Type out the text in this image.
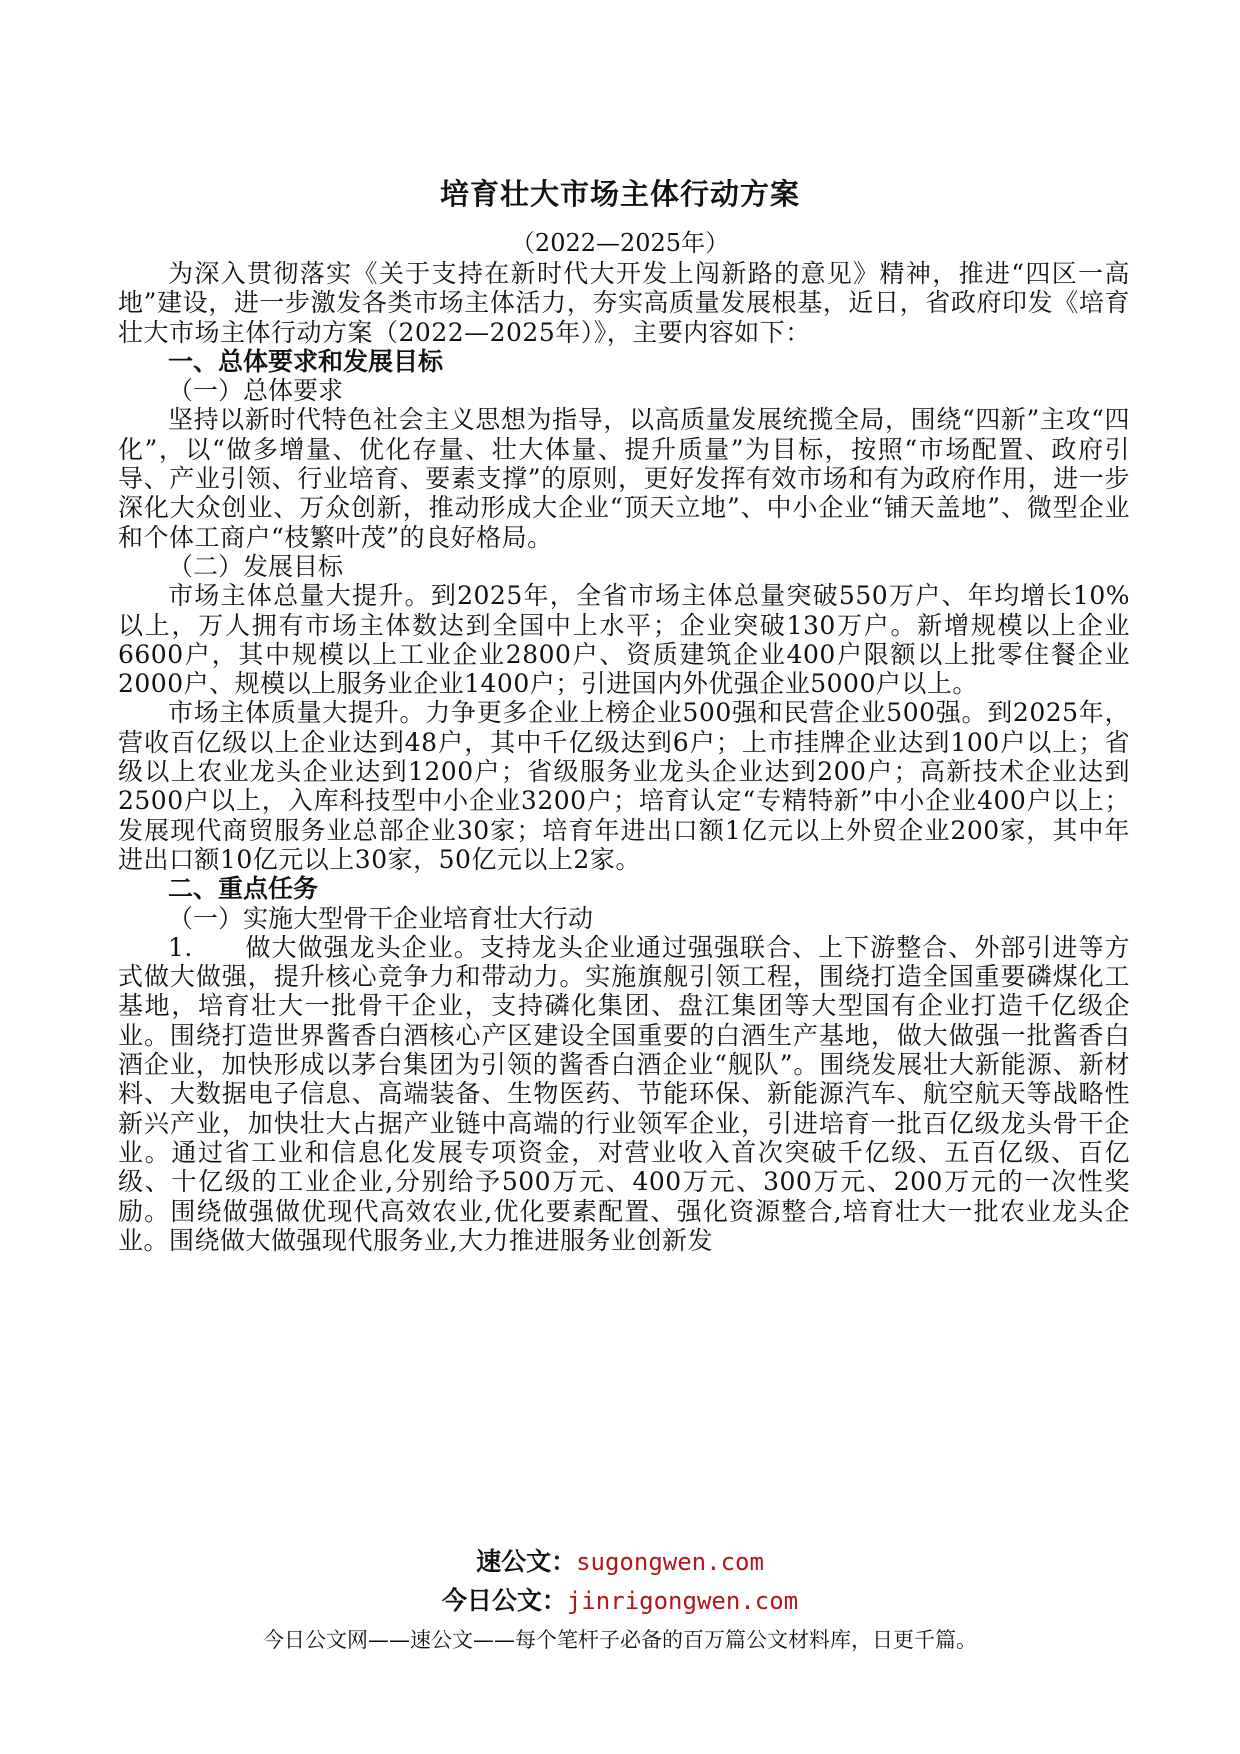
培育壮大市场主体行动方案

（2022—2025年）

为深入贯彻落实《关于支持在新时代大开发上闯新路的意见》精神，推进“四区一高地”建设，进一步激发各类市场主体活力，夯实高质量发展根基，近日，省政府印发《培育壮大市场主体行动方案（2022—2025年）》，主要内容如下：

一、总体要求和发展目标

（一）总体要求

坚持以新时代特色社会主义思想为指导，以高质量发展统揽全局，围绕“四新”主攻“四化”，以“做多增量、优化存量、壮大体量、提升质量”为目标，按照“市场配置、政府引导、产业引领、行业培育、要素支撑”的原则，更好发挥有效市场和有为政府作用，进一步深化大众创业、万众创新，推动形成大企业“顶天立地”、中小企业“铺天盖地”、微型企业和个体工商户“枝繁叶茂”的良好格局。

（二）发展目标

市场主体总量大提升。到2025年，全省市场主体总量突破550万户、年均增长10%以上，万人拥有市场主体数达到全国中上水平；企业突破130万户。新增规模以上企业6600户，其中规模以上工业企业2800户、资质建筑企业400户限额以上批零住餐企业2000户、规模以上服务业企业1400户；引进国内外优强企业5000户以上。

市场主体质量大提升。力争更多企业上榜企业500强和民营企业500强。到2025年，营收百亿级以上企业达到48户，其中千亿级达到6户；上市挂牌企业达到100户以上；省级以上农业龙头企业达到1200户；省级服务业龙头企业达到200户；高新技术企业达到2500户以上，入库科技型中小企业3200户；培育认定“专精特新”中小企业400户以上；发展现代商贸服务业总部企业30家；培育年进出口额1亿元以上外贸企业200家，其中年进出口额10亿元以上30家，50亿元以上2家。

二、重点任务

（一）实施大型骨干企业培育壮大行动

1.　　做大做强龙头企业。支持龙头企业通过强强联合、上下游整合、外部引进等方式做大做强，提升核心竞争力和带动力。实施旗舰引领工程，围绕打造全国重要磷煤化工基地，培育壮大一批骨干企业，支持磷化集团、盘江集团等大型国有企业打造千亿级企业。围绕打造世界酱香白酒核心产区建设全国重要的白酒生产基地，做大做强一批酱香白酒企业，加快形成以茅台集团为引领的酱香白酒企业“舰队”。围绕发展壮大新能源、新材料、大数据电子信息、高端装备、生物医药、节能环保、新能源汽车、航空航天等战略性新兴产业，加快壮大占据产业链中高端的行业领军企业，引进培育一批百亿级龙头骨干企业。通过省工业和信息化发展专项资金，对营业收入首次突破千亿级、五百亿级、百亿级、十亿级的工业企业,分别给予500万元、400万元、300万元、200万元的一次性奖励。围绕做强做优现代高效农业,优化要素配置、强化资源整合,培育壮大一批农业龙头企业。围绕做大做强现代服务业,大力推进服务业创新发

速公文：sugongwen.com
今日公文：jinrigongwen.com
今日公文网——速公文——每个笔杆子必备的百万篇公文材料库，日更千篇。
